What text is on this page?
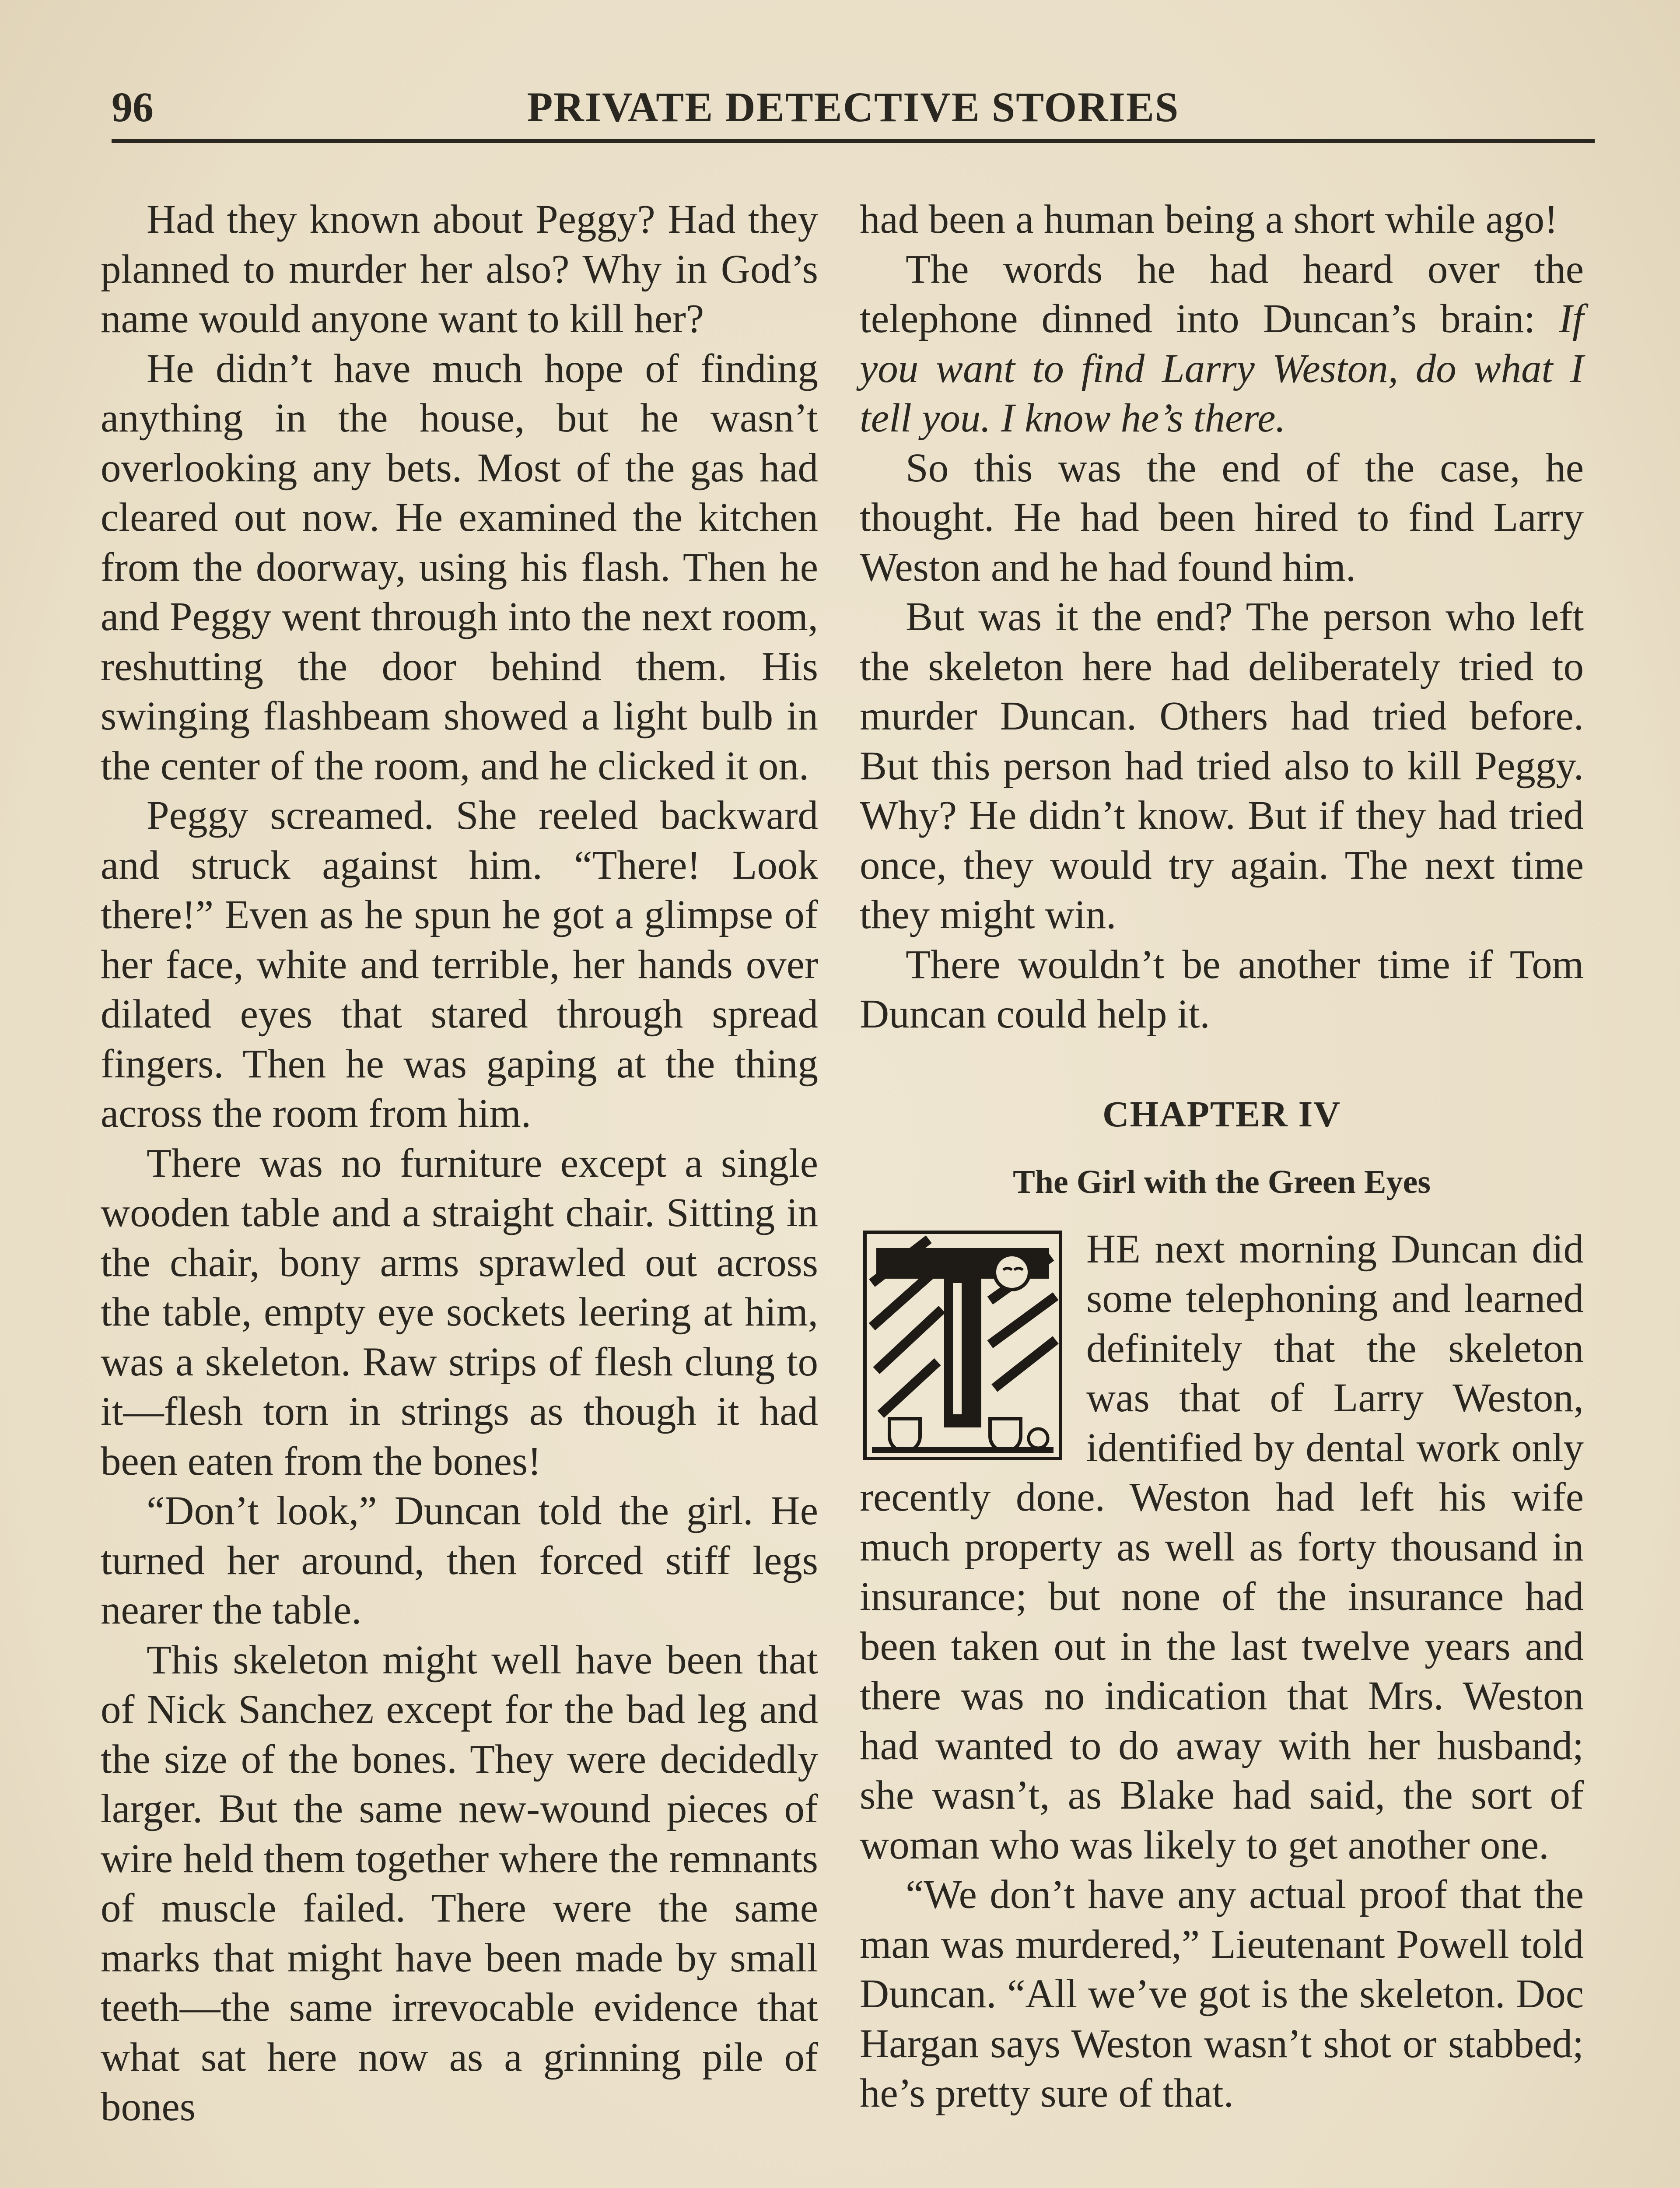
96	PRIVATE DETECTIVE STORIES

Had they known about Peggy? Had they planned to murder her also? Why in God’s name would anyone want to kill her?

He didn’t have much hope of finding anything in the house, but he wasn’t overlooking any bets. Most of the gas had cleared out now. He examined the kitchen from the doorway, using his flash. Then he and Peggy went through into the next room, reshutting the door behind them. His swinging flashbeam showed a light bulb in the center of the room, and he clicked it on.

Peggy screamed. She reeled backward and struck against him. “There! Look there!” Even as he spun he got a glimpse of her face, white and terrible, her hands over dilated eyes that stared through spread fingers. Then he was gaping at the thing across the room from him.

There was no furniture except a single wooden table and a straight chair. Sitting in the chair, bony arms sprawled out across the table, empty eye sockets leering at him, was a skeleton. Raw strips of flesh clung to it—flesh torn in strings as though it had been eaten from the bones!

“Don’t look,” Duncan told the girl. He turned her around, then forced stiff legs nearer the table.

This skeleton might well have been that of Nick Sanchez except for the bad leg and the size of the bones. They were decidedly larger. But the same new-wound pieces of wire held them together where the remnants of muscle failed. There were the same marks that might have been made by small teeth—the same irrevocable evidence that what sat here now as a grinning pile of bones

had been a human being a short while ago!

The words he had heard over the telephone dinned into Duncan’s brain: If you want to find Larry Weston, do what I tell you. I know he’s there.

So this was the end of the case, he thought. He had been hired to find Larry Weston and he had found him.

But was it the end? The person who left the skeleton here had deliberately tried to murder Duncan. Others had tried before. But this person had tried also to kill Peggy. Why? He didn’t know. But if they had tried once, they would try again. The next time they might win.

There wouldn’t be another time if Tom Duncan could help it.

CHAPTER IV
The Girl with the Green Eyes

HE next morning Duncan did some telephoning and learned definitely that the skeleton was that of Larry Weston, identified by dental work only recently done. Weston had left his wife much property as well as forty thousand in insurance; but none of the insurance had been taken out in the last twelve years and there was no indication that Mrs. Weston had wanted to do away with her husband; she wasn’t, as Blake had said, the sort of woman who was likely to get another one.

“We don’t have any actual proof that the man was murdered,” Lieutenant Powell told Duncan. “All we’ve got is the skeleton. Doc Hargan says Weston wasn’t shot or stabbed; he’s pretty sure of that.
